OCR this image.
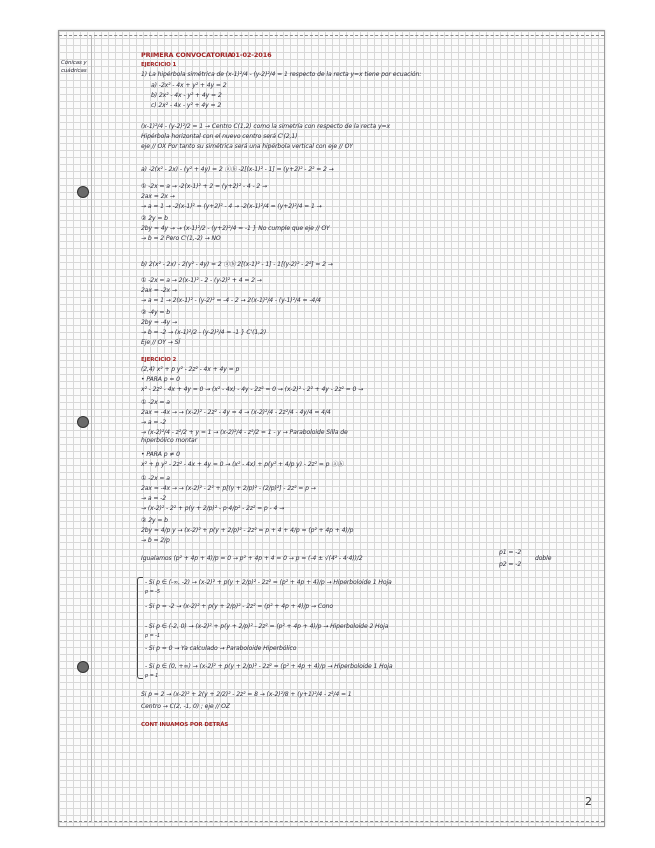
Cónicas y
cuádricas
PRIMERA CONVOCATORIA
01-02-2016
EJERCICIO 1
1) La hipérbola simétrica de (x-1)²/4 - (y-2)²/4 = 1 respecto de la recta y=x tiene por ecuación:
a) -2x² - 4x + y² + 4y = 2
b) 2x² - 4x - y² + 4y = 2
c) 2x² - 4x - y² + 4y = 2
(x-1)²/4 - (y-2)²/2 = 1 → Centro C(1,2) como la simetría con respecto de la recta y=x
Hipérbola horizontal con el nuevo centro será C'(2,1)
eje // OX Por tanto su simétrica será una hipérbola vertical con eje // OY
a) -2(x² - 2x) - (y² + 4y) = 2 ⓐⓑ -2[(x-1)² - 1] = (y+2)² - 2² = 2 →
① -2x = a → -2(x-1)² + 2 = (y+2)² - 4 - 2 →
2ax = 2x →
→ a = 1 → -2(x-1)² = (y+2)² - 4 → -2(x-1)²/4 = (y+2)²/4 = 1 →
② 2y = b
2by = 4y → → (x-1)²/2 - (y+2)²/4 = -1 } No cumple que eje // OY
→ b = 2 Pero C'(1,-2) → NO
b) 2(x² - 2x) - 2(y² - 4y) = 2 ⓐⓑ 2[(x-1)² - 1] - 1[(y-2)² - 2²] = 2 →
① -2x = a → 2(x-1)² - 2 - (y-2)² + 4 = 2 →
2ax = -2x →
→ a = 1 → 2(x-1)² - (y-2)² = -4 - 2 → 2(x-1)²/4 - (y-1)²/4 = -4/4
② -4y = b
2by = -4y →
→ b = -2 → (x-1)²/2 - (y-2)²/4 = -1 } C'(1,2)
Eje // OY → SÍ
EJERCICIO 2
(2,4) x² + p y² - 2z² - 4x + 4y = p
• PARA p = 0
x² - 2z² - 4x + 4y = 0 → (x² - 4x) - 4y - 2z² = 0 → (x-2)² - 2² + 4y - 2z² = 0 →
① -2x = a
2ax = -4x → → (x-2)² - 2z² - 4y = 4 → (x-2)²/4 - 2z²/4 - 4y/4 = 4/4
→ a = -2
→ (x-2)²/4 - z²/2 + y = 1 → (x-2)²/4 - z²/2 = 1 - y → Paraboloide Silla de
hiperbólico montar
• PARA p ≠ 0
x² + p y² - 2z² - 4x + 4y = 0 → (x² - 4x) + p(y² + 4/p y) - 2z² = p ⓐⓑ
① -2x = a
2ax = -4x → → (x-2)² - 2² + p[(y + 2/p)² - (2/p)²] - 2z² = p →
→ a = -2
→ (x-2)² - 2² + p(y + 2/p)² - p·4/p² - 2z² = p - 4 →
② 2y = b
2by = 4/p y → (x-2)² + p(y + 2/p)² - 2z² = p + 4 + 4/p = (p² + 4p + 4)/p
→ b = 2/p
Igualamos (p² + 4p + 4)/p = 0 → p² + 4p + 4 = 0 → p = (-4 ± √(4² - 4·4))/2
p1 = -2
p2 = -2
doble
- Si p ∈ (-∞, -2) → (x-2)² + p(y + 2/p)² - 2z² = (p² + 4p + 4)/p → Hiperboloide 1 Hoja
p = -5
- Si p = -2 → (x-2)² + p(y + 2/p)² - 2z² = (p² + 4p + 4)/p → Cono
- Si p ∈ (-2, 0) → (x-2)² + p(y + 2/p)² - 2z² = (p² + 4p + 4)/p → Hiperboloide 2 Hoja
p = -1
- Si p = 0 → Ya calculado → Paraboloide Hiperbólico
- Si p ∈ (0, +∞) → (x-2)² + p(y + 2/p)² - 2z² = (p² + 4p + 4)/p → Hiperboloide 1 Hoja
p = 1
Si p = 2 → (x-2)² + 2(y + 2/2)² - 2z² = 8 → (x-2)²/8 + (y+1)²/4 - z²/4 = 1
Centro → C(2, -1, 0) ; eje // OZ
CONT INUAMOS POR DETRÁS
2
